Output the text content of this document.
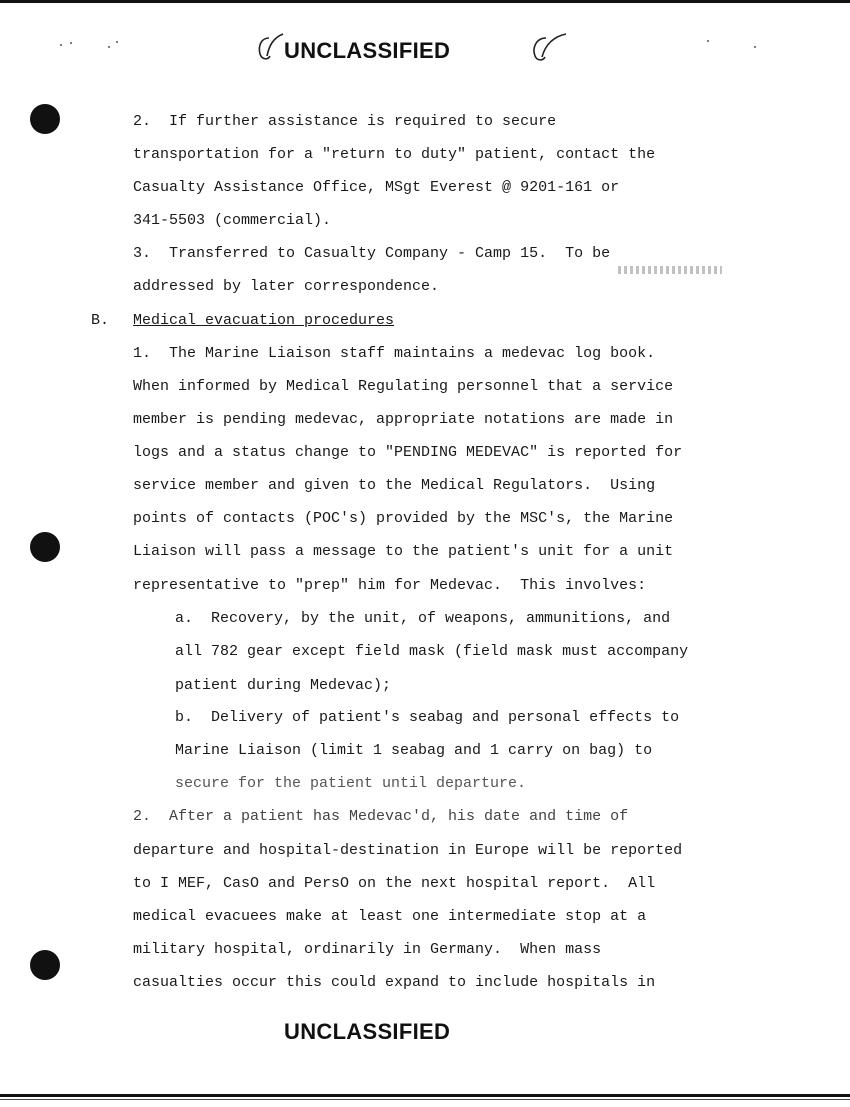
UNCLASSIFIED
2.  If further assistance is required to secure
transportation for a "return to duty" patient, contact the
Casualty Assistance Office, MSgt Everest @ 9201-161 or
341-5503 (commercial).
3.  Transferred to Casualty Company - Camp 15.  To be
addressed by later correspondence.
B. Medical evacuation procedures
1.  The Marine Liaison staff maintains a medevac log book.
When informed by Medical Regulating personnel that a service
member is pending medevac, appropriate notations are made in
logs and a status change to "PENDING MEDEVAC" is reported for
service member and given to the Medical Regulators.  Using
points of contacts (POC's) provided by the MSC's, the Marine
Liaison will pass a message to the patient's unit for a unit
representative to "prep" him for Medevac.  This involves:
a.  Recovery, by the unit, of weapons, ammunitions, and
all 782 gear except field mask (field mask must accompany
patient during Medevac);
b.  Delivery of patient's seabag and personal effects to
Marine Liaison (limit 1 seabag and 1 carry on bag) to
secure for the patient until departure.
2.  After a patient has Medevac'd, his date and time of
departure and hospital-destination in Europe will be reported
to I MEF, CasO and PersO on the next hospital report.  All
medical evacuees make at least one intermediate stop at a
military hospital, ordinarily in Germany.  When mass
casualties occur this could expand to include hospitals in
UNCLASSIFIED
